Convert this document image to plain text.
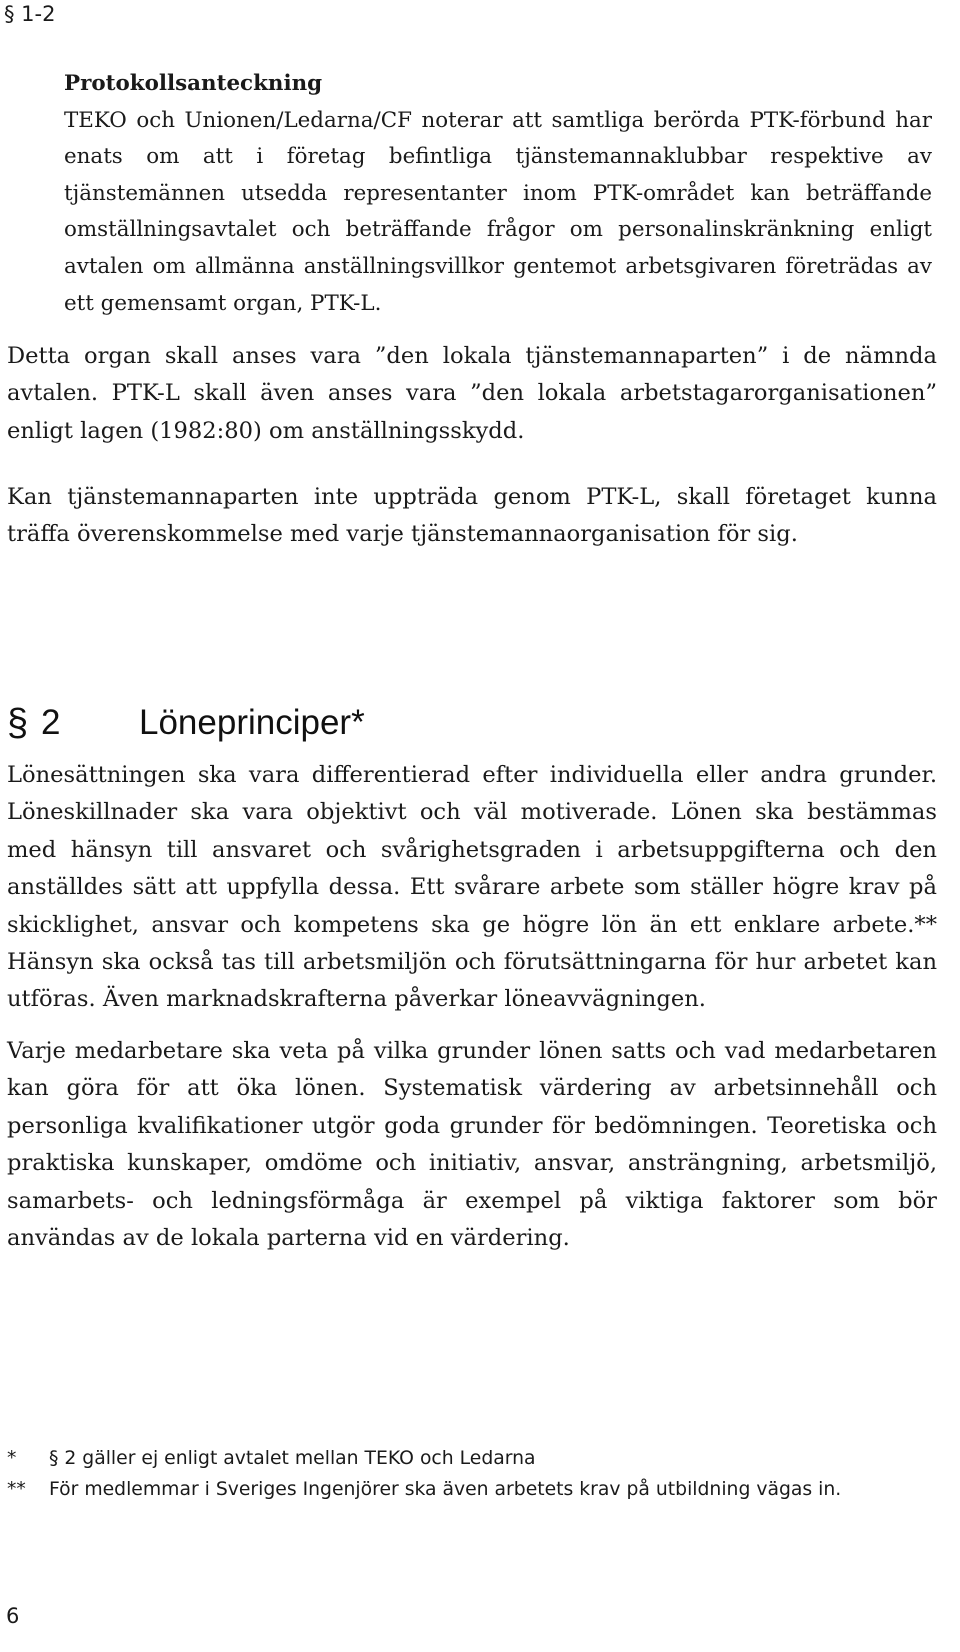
§ 1-2

Protokollsanteckning
TEKO och Unionen/Ledarna/CF noterar att samtliga berörda PTK-förbund har enats om att i företag befintliga tjänstemannaklubbar respektive av tjänstemännen utsedda representanter inom PTK-området kan beträffande omställningsavtalet och beträffande frågor om personalinskränkning enligt avtalen om allmänna anställningsvillkor gentemot arbetsgivaren företrädas av ett gemensamt organ, PTK-L.

Detta organ skall anses vara ”den lokala tjänstemannaparten” i de nämnda avtalen. PTK-L skall även anses vara ”den lokala arbetstagarorganisationen” enligt lagen (1982:80) om anställningsskydd.

Kan tjänstemannaparten inte uppträda genom PTK-L, skall företaget kunna träffa överenskommelse med varje tjänstemannaorganisation för sig.

§ 2 Löneprinciper*

Lönesättningen ska vara differentierad efter individuella eller andra grunder. Löneskillnader ska vara objektivt och väl motiverade. Lönen ska bestämmas med hänsyn till ansvaret och svårighetsgraden i arbetsuppgifterna och den anställdes sätt att uppfylla dessa. Ett svårare arbete som ställer högre krav på skicklighet, ansvar och kompetens ska ge högre lön än ett enklare arbete.** Hänsyn ska också tas till arbetsmiljön och förutsättningarna för hur arbetet kan utföras. Även marknadskrafterna påverkar löneavvägningen.

Varje medarbetare ska veta på vilka grunder lönen satts och vad medarbetaren kan göra för att öka lönen. Systematisk värdering av arbetsinnehåll och personliga kvalifikationer utgör goda grunder för bedömningen. Teoretiska och praktiska kunskaper, omdöme och initiativ, ansvar, ansträngning, arbetsmiljö, samarbets- och ledningsförmåga är exempel på viktiga faktorer som bör användas av de lokala parterna vid en värdering.

* § 2 gäller ej enligt avtalet mellan TEKO och Ledarna
** För medlemmar i Sveriges Ingenjörer ska även arbetets krav på utbildning vägas in.
6
